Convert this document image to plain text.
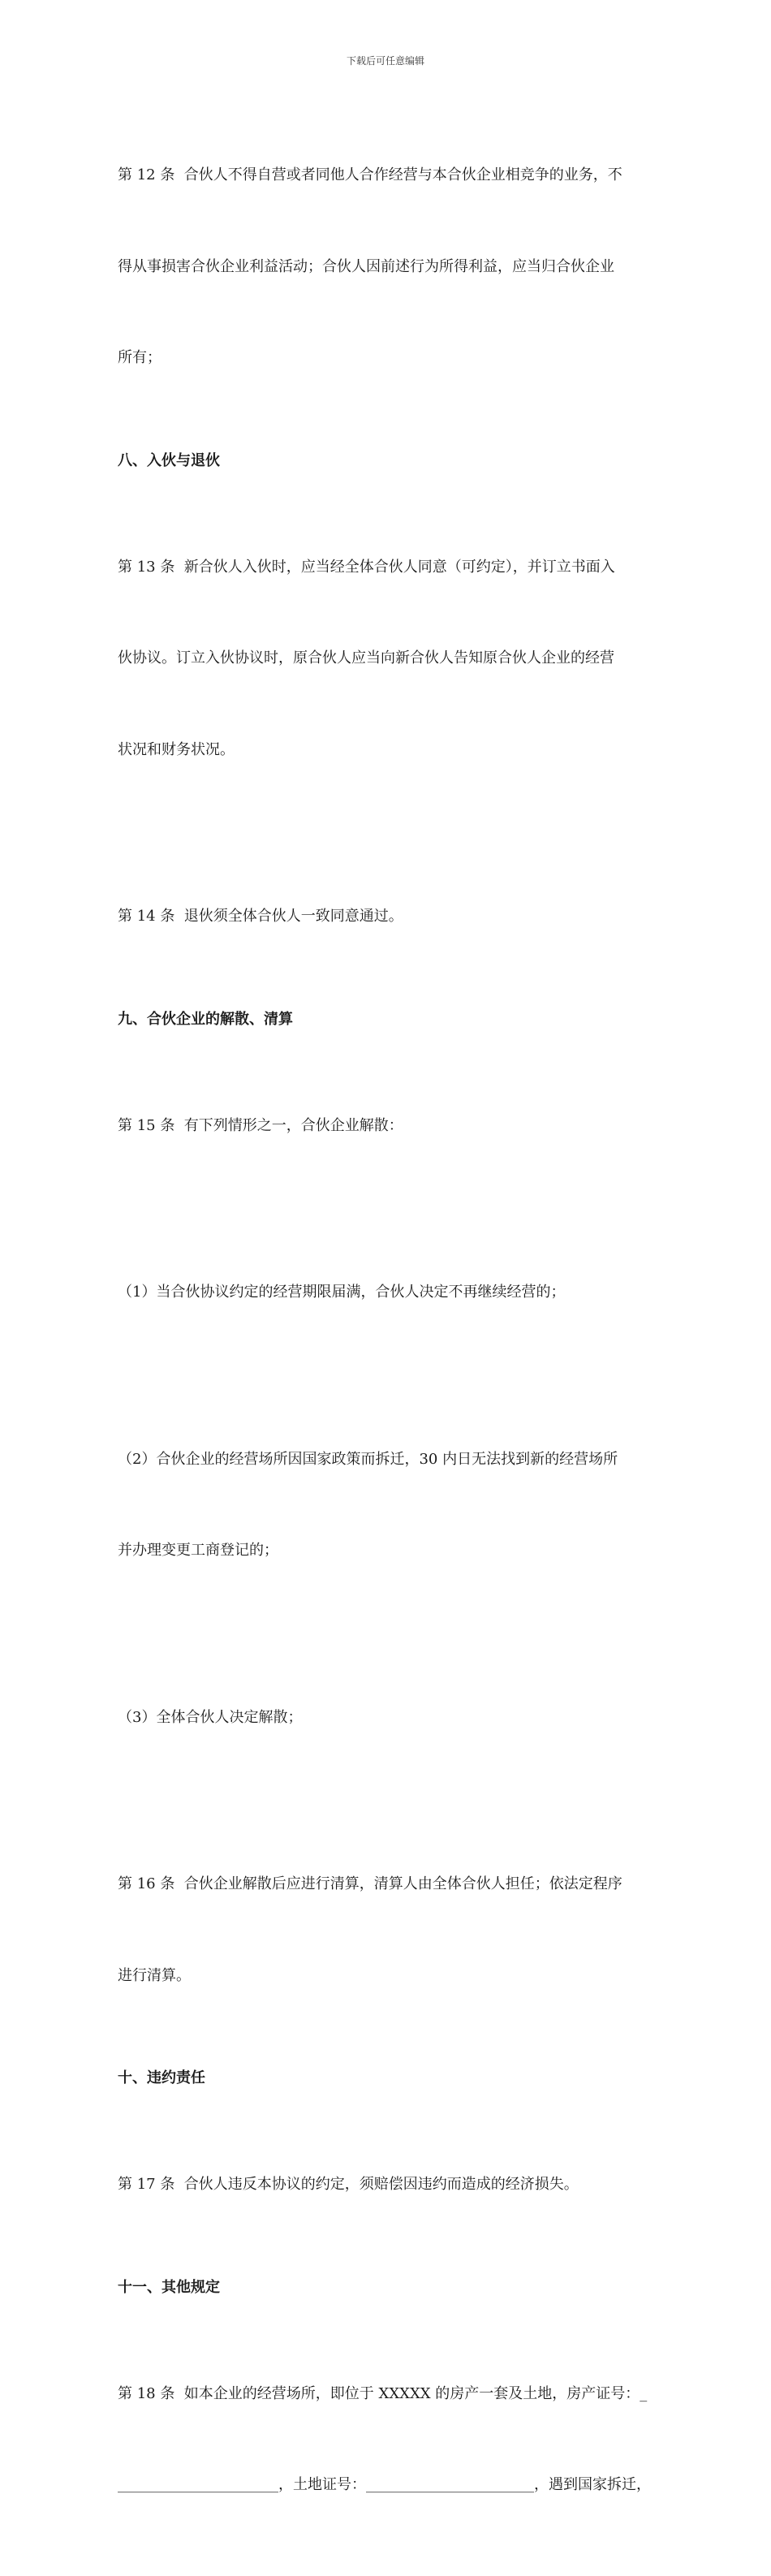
下载后可任意编辑

第 12 条  合伙人不得自营或者同他人合作经营与本合伙企业相竞争的业务，不

得从事损害合伙企业利益活动；合伙人因前述行为所得利益，应当归合伙企业

所有；

八、入伙与退伙

第 13 条  新合伙人入伙时，应当经全体合伙人同意（可约定），并订立书面入

伙协议。订立入伙协议时，原合伙人应当向新合伙人告知原合伙人企业的经营

状况和财务状况。

第 14 条  退伙须全体合伙人一致同意通过。

九、合伙企业的解散、清算

第 15 条  有下列情形之一，合伙企业解散：

（1）当合伙协议约定的经营期限届满，合伙人决定不再继续经营的；

（2）合伙企业的经营场所因国家政策而拆迁，30 内日无法找到新的经营场所

并办理变更工商登记的；

（3）全体合伙人决定解散；

第 16 条  合伙企业解散后应进行清算，清算人由全体合伙人担任；依法定程序

进行清算。

十、违约责任

第 17 条  合伙人违反本协议的约定，须赔偿因违约而造成的经济损失。

十一、其他规定

第 18 条  如本企业的经营场所，即位于 XXXXX 的房产一套及土地，房产证号：_

______________________，土地证号：_______________________，遇到国家拆迁，
